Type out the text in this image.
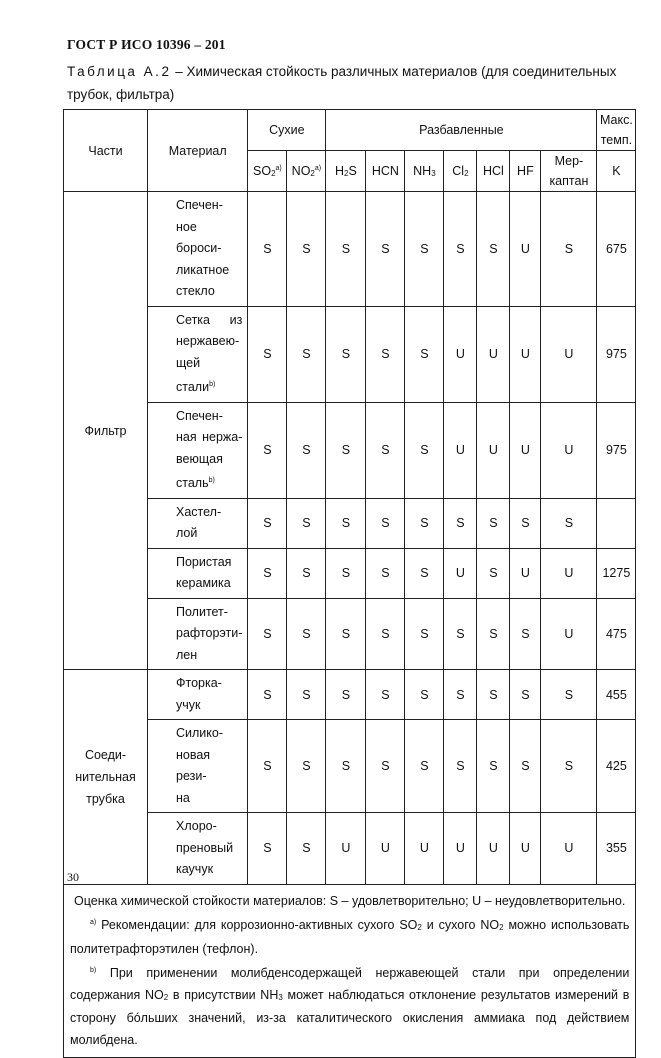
ГОСТ Р ИСО 10396 – 201
Таблица А.2 – Химическая стойкость различных материалов (для соединительных трубок, фильтра)
Части	Материал	Сухие		Разбавленные							Макс.
темп.
		$SO_2^{а)}$	$NO_2^{а)}$	$H_2S$	HCN	$NH_3$	$Cl_2$	HCl	HF	Мер-
каптан	K
Фильтр	Спечен-
ное бороси-
ликатное
стекло	S	S	S	S	S	S	S	U	S	675

	Сетка из
нержавею-
щей стали$^{b)}$	S	S	S	S	S	U	U	U	U	975

	Спечен-
ная нержа-
веющая
сталь$^{b)}$	S	S	S	S	S	U	U	U	U	975

	Хастел-
лой	S	S	S	S	S	S	S	S	S	

	Пористая
керамика	S	S	S	S	S	U	S	U	U	1275

	Политет-
рафторэти-
лен	S	S	S	S	S	S	S	S	U	475
Соеди-
нительная
трубка	Фторка-
учук	S	S	S	S	S	S	S	S	S	455

	Силико-
новая рези-
на	S	S	S	S	S	S	S	S	S	425

	Хлоро-
преновый
каучук	S	S	U	U	U	U	U	U	U	355

Оценка химической стойкости материалов: S – удовлетворительно; U – неудовлетворительно.

$^{а)}$ Рекомендации: для коррозионно-активных сухого $SO_2$ и сухого $NO_2$ можно использовать политетрафторэтилен (тефлон).

$^{b)}$ При применении молибденсодержащей нержавеющей стали при определении содержания $NO_2$ в присутствии $NH_3$ может наблюдаться отклонение результатов измерений в сторону бóльших значений, из-за каталитического окисления аммиака под действием молибдена.											

30
